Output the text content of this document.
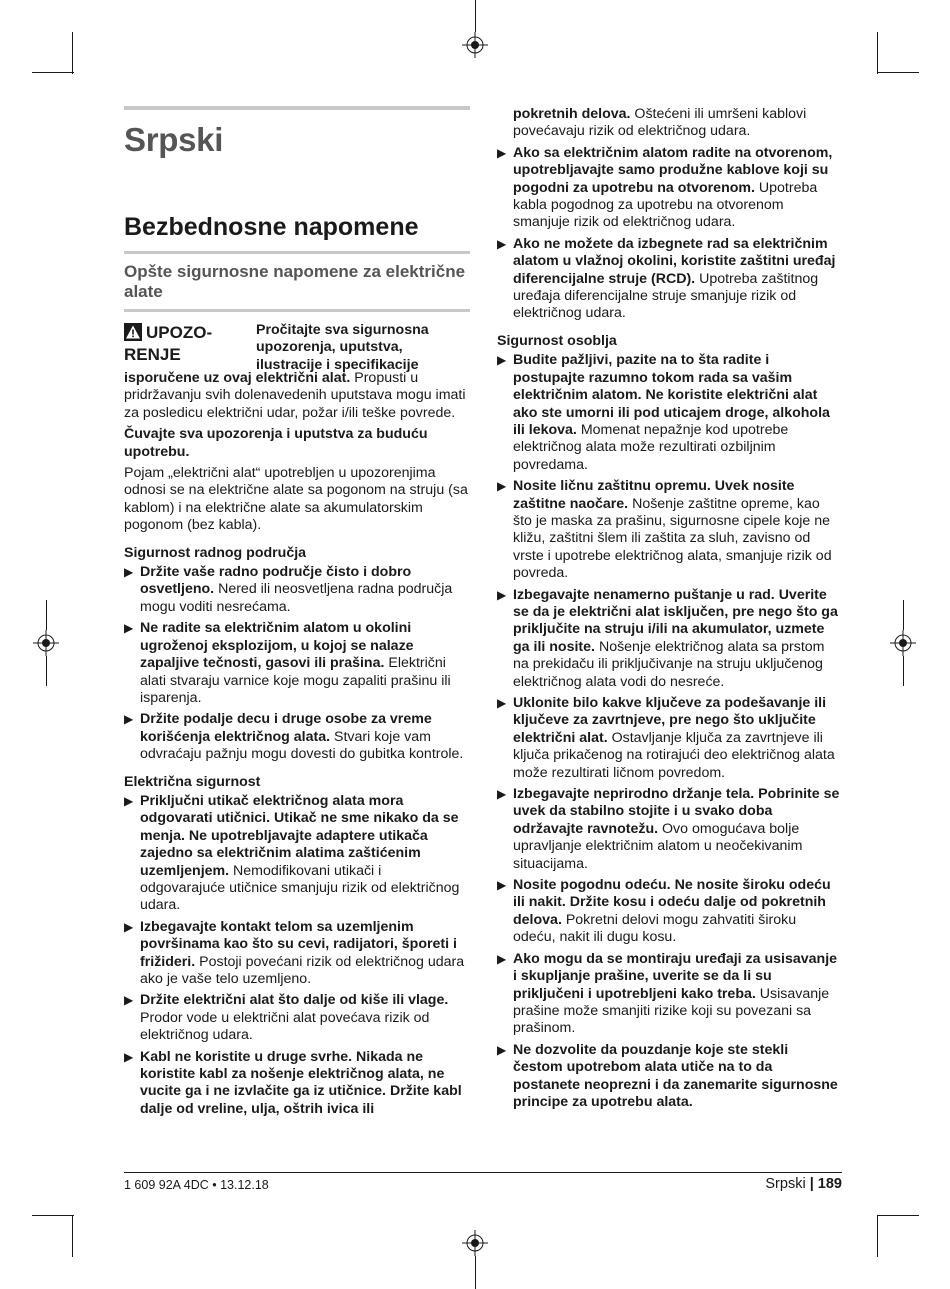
Srpski
Bezbednosne napomene
Opšte sigurnosne napomene za električne alate
UPOZO- RENJE
Pročitajte sva sigurnosna upozorenja, uputstva, ilustracije i specifikacije

isporučene uz ovaj električni alat. Propusti u pridržavanju svih dolenavedenih uputstava mogu imati za posledicu električni udar, požar i/ili teške povrede.

Čuvajte sva upozorenja i uputstva za buduću upotrebu.

Pojam „električni alat“ upotrebljen u upozorenjima odnosi se na električne alate sa pogonom na struju (sa kablom) i na električne alate sa akumulatorskim pogonom (bez kabla).

Sigurnost radnog područja
▶ Držite vaše radno područje čisto i dobro osvetljeno. Nered ili neosvetljena radna područja mogu voditi nesrećama.
▶ Ne radite sa električnim alatom u okolini ugroženoj eksplozijom, u kojoj se nalaze zapaljive tečnosti, gasovi ili prašina. Električni alati stvaraju varnice koje mogu zapaliti prašinu ili isparenja.
▶ Držite podalje decu i druge osobe za vreme korišćenja električnog alata. Stvari koje vam odvraćaju pažnju mogu dovesti do gubitka kontrole.
Električna sigurnost
▶ Priključni utikač električnog alata mora odgovarati utičnici. Utikač ne sme nikako da se menja. Ne upotrebljavajte adaptere utikača zajedno sa električnim alatima zaštićenim uzemljenjem. Nemodifikovani utikači i odgovarajuće utičnice smanjuju rizik od električnog udara.
▶ Izbegavajte kontakt telom sa uzemljenim površinama kao što su cevi, radijatori, šporeti i frižideri. Postoji povećani rizik od električnog udara ako je vaše telo uzemljeno.
▶ Držite električni alat što dalje od kiše ili vlage. Prodor vode u električni alat povećava rizik od električnog udara.
▶ Kabl ne koristite u druge svrhe. Nikada ne koristite kabl za nošenje električnog alata, ne vucite ga i ne izvlačite ga iz utičnice. Držite kabl dalje od vreline, ulja, oštrih ivica ili
pokretnih delova. Oštećeni ili umršeni kablovi povećavaju rizik od električnog udara.
▶ Ako sa električnim alatom radite na otvorenom, upotrebljavajte samo produžne kablove koji su pogodni za upotrebu na otvorenom. Upotreba kabla pogodnog za upotrebu na otvorenom smanjuje rizik od električnog udara.
▶ Ako ne možete da izbegnete rad sa električnim alatom u vlažnoj okolini, koristite zaštitni uređaj diferencijalne struje (RCD). Upotreba zaštitnog uređaja diferencijalne struje smanjuje rizik od električnog udara.
Sigurnost osoblja
▶ Budite pažljivi, pazite na to šta radite i postupajte razumno tokom rada sa vašim električnim alatom. Ne koristite električni alat ako ste umorni ili pod uticajem droge, alkohola ili lekova. Momenat nepažnje kod upotrebe električnog alata može rezultirati ozbiljnim povredama.
▶ Nosite ličnu zaštitnu opremu. Uvek nosite zaštitne naočare. Nošenje zaštitne opreme, kao što je maska za prašinu, sigurnosne cipele koje ne kližu, zaštitni šlem ili zaštita za sluh, zavisno od vrste i upotrebe električnog alata, smanjuje rizik od povreda.
▶ Izbegavajte nenamerno puštanje u rad. Uverite se da je električni alat isključen, pre nego što ga priključite na struju i/ili na akumulator, uzmete ga ili nosite. Nošenje električnog alata sa prstom na prekidaču ili priključivanje na struju uključenog električnog alata vodi do nesreće.
▶ Uklonite bilo kakve ključeve za podešavanje ili ključeve za zavrtnjeve, pre nego što uključite električni alat. Ostavljanje ključa za zavrtnjeve ili ključa prikačenog na rotirajući deo električnog alata može rezultirati ličnom povredom.
▶ Izbegavajte neprirodno držanje tela. Pobrinite se uvek da stabilno stojite i u svako doba održavajte ravnotežu. Ovo omogućava bolje upravljanje električnim alatom u neočekivanim situacijama.
▶ Nosite pogodnu odeću. Ne nosite široku odeću ili nakit. Držite kosu i odeću dalje od pokretnih delova. Pokretni delovi mogu zahvatiti široku odeću, nakit ili dugu kosu.
▶ Ako mogu da se montiraju uređaji za usisavanje i skupljanje prašine, uverite se da li su priključeni i upotrebljeni kako treba. Usisavanje prašine može smanjiti rizike koji su povezani sa prašinom.
▶ Ne dozvolite da pouzdanje koje ste stekli čestom upotrebom alata utiče na to da postanete neoprezni i da zanemarite sigurnosne principe za upotrebu alata.
1 609 92A 4DC • 13.12.18	Srpski | 189
